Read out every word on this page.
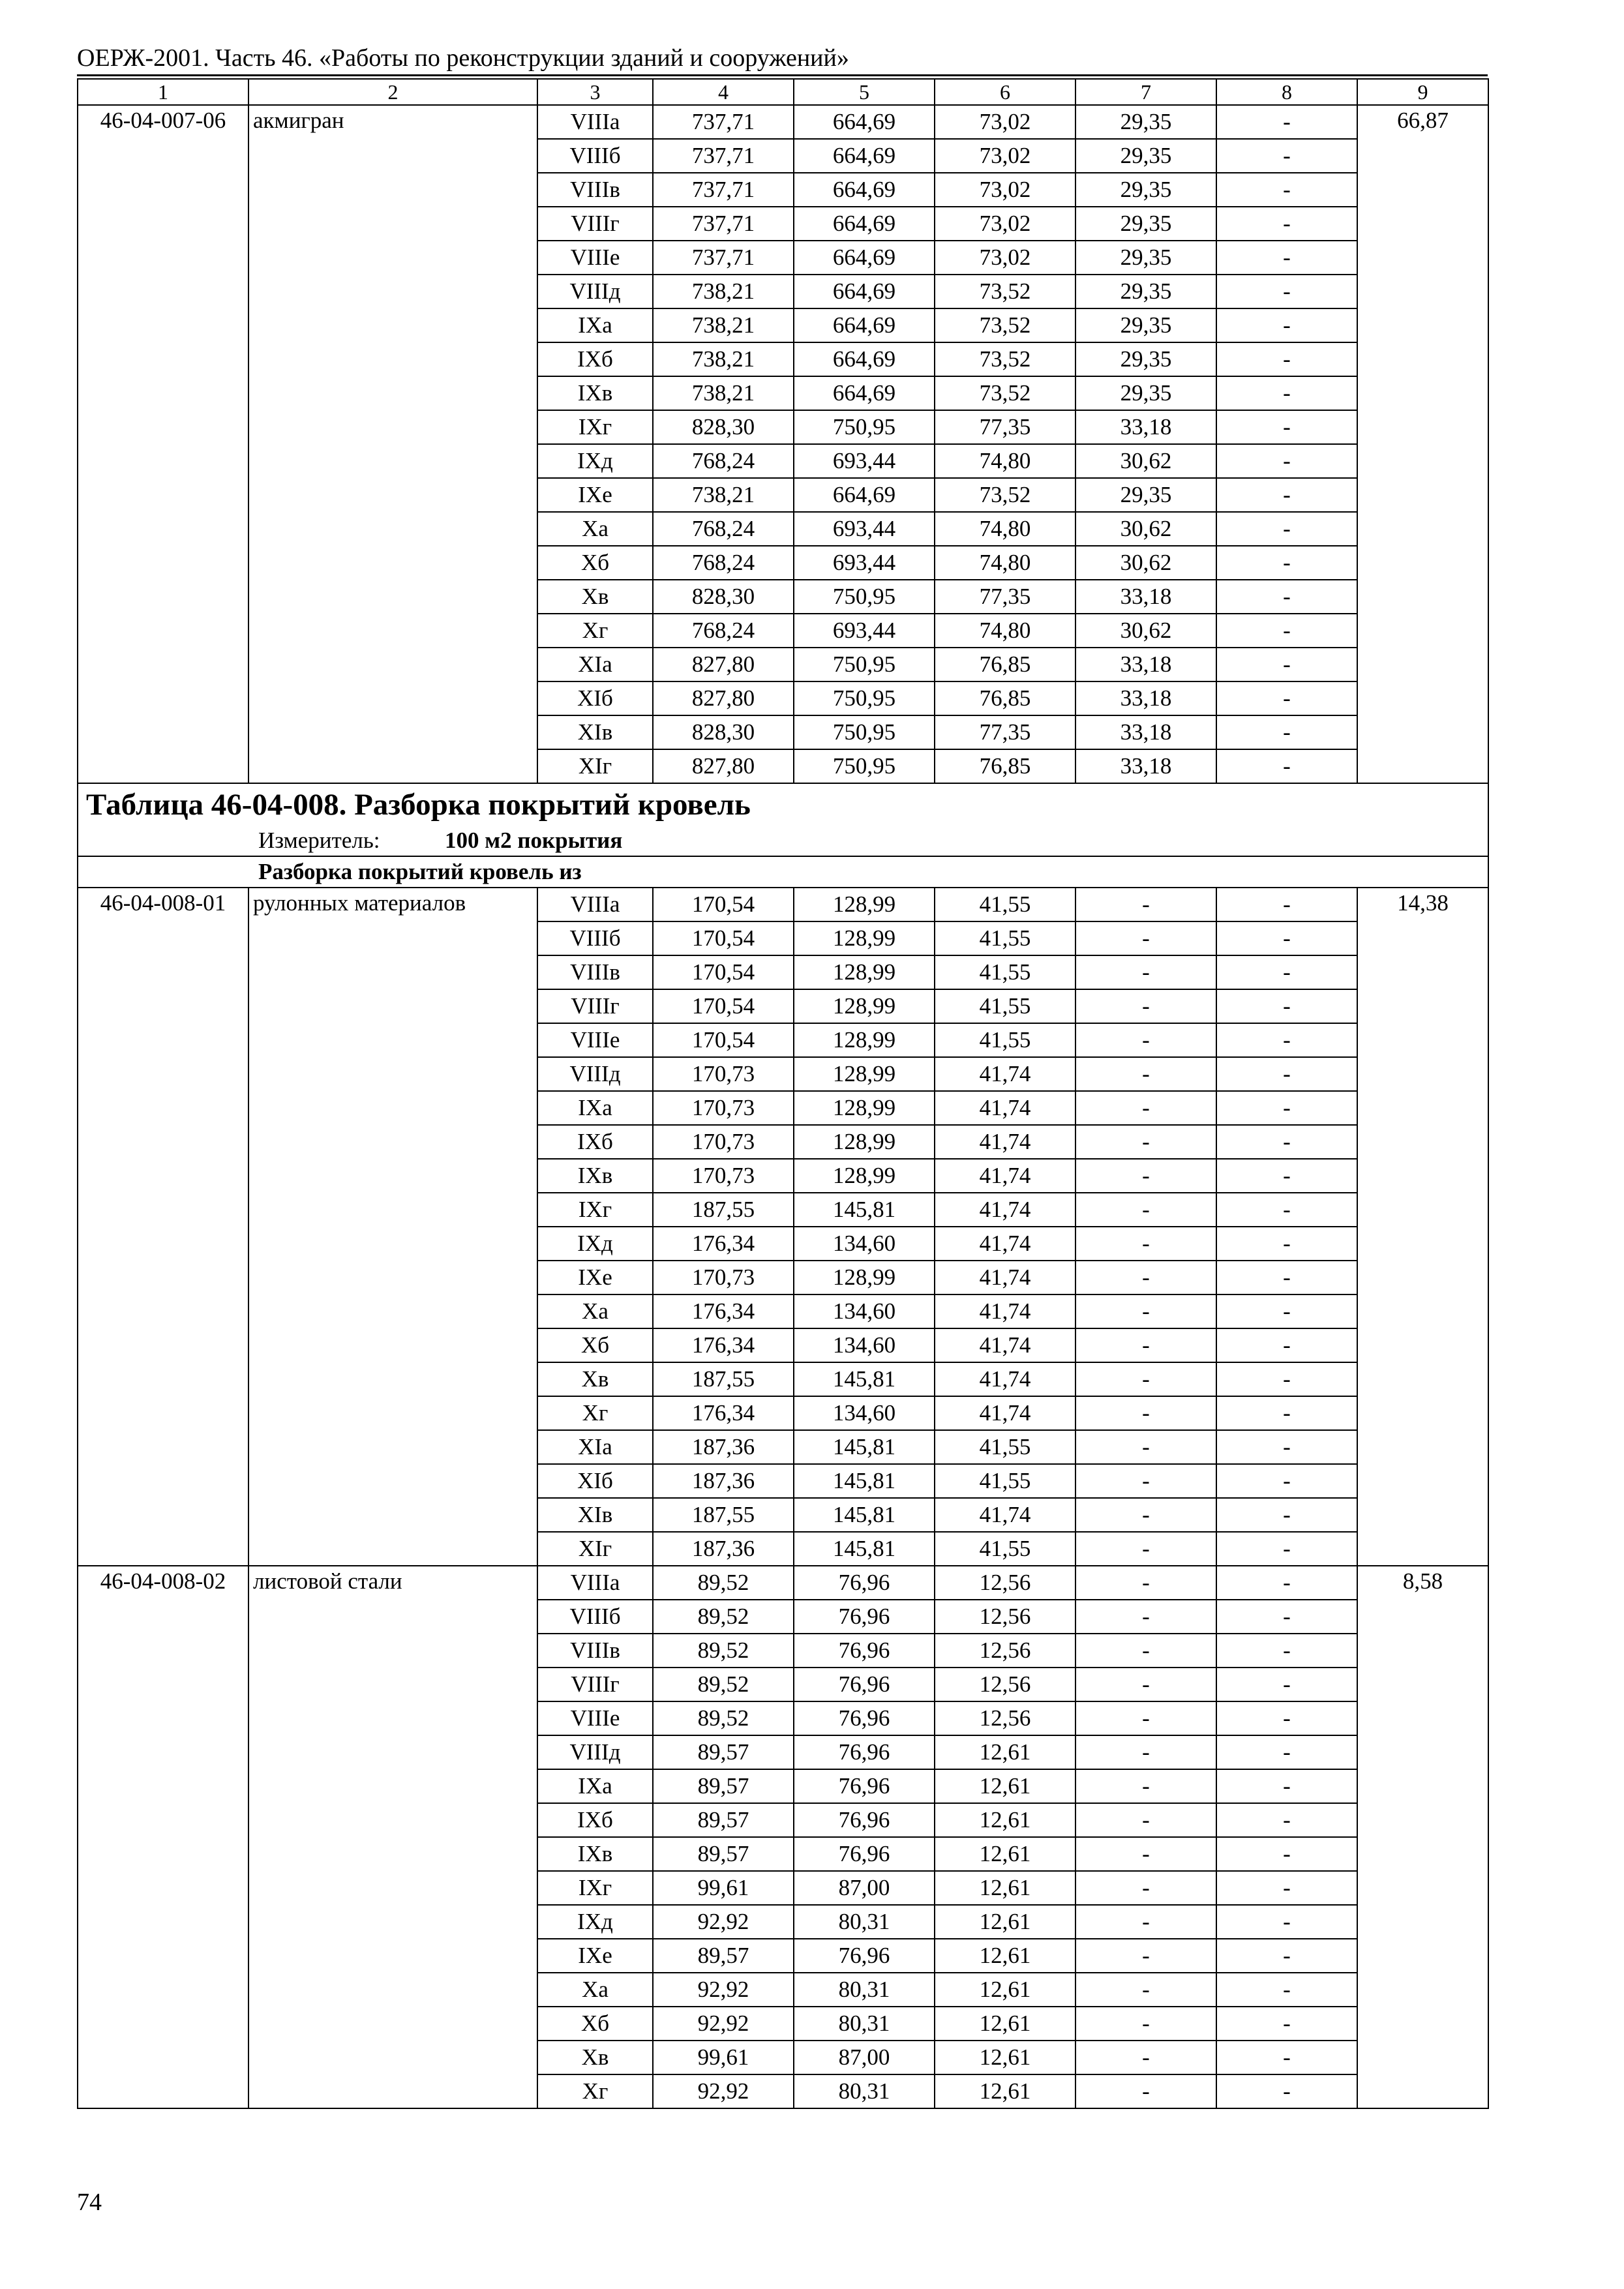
ОЕРЖ-2001. Часть 46. «Работы по реконструкции зданий и сооружений»
1	2	3	4	5	6	7	8	9
46-04-007-06	акмигран	VIIIа	737,71	664,69	73,02	29,35	-	66,87
		VIIIб	737,71	664,69	73,02	29,35	-	
		VIIIв	737,71	664,69	73,02	29,35	-	
		VIIIг	737,71	664,69	73,02	29,35	-	
		VIIIе	737,71	664,69	73,02	29,35	-	
		VIIIд	738,21	664,69	73,52	29,35	-	
		IXа	738,21	664,69	73,52	29,35	-	
		IXб	738,21	664,69	73,52	29,35	-	
		IXв	738,21	664,69	73,52	29,35	-	
		IXг	828,30	750,95	77,35	33,18	-	
		IXд	768,24	693,44	74,80	30,62	-	
		IXе	738,21	664,69	73,52	29,35	-	
		Xа	768,24	693,44	74,80	30,62	-	
		Xб	768,24	693,44	74,80	30,62	-	
		Xв	828,30	750,95	77,35	33,18	-	
		Xг	768,24	693,44	74,80	30,62	-	
		XIа	827,80	750,95	76,85	33,18	-	
		XIб	827,80	750,95	76,85	33,18	-	
		XIв	828,30	750,95	77,35	33,18	-	
		XIг	827,80	750,95	76,85	33,18	-	
Таблица 46-04-008. Разборка покрытий кровель								
Измеритель: 100 м2 покрытия								
Разборка покрытий кровель из								
46-04-008-01	рулонных материалов	VIIIа	170,54	128,99	41,55	-	-	14,38
		VIIIб	170,54	128,99	41,55	-	-	
		VIIIв	170,54	128,99	41,55	-	-	
		VIIIг	170,54	128,99	41,55	-	-	
		VIIIе	170,54	128,99	41,55	-	-	
		VIIIд	170,73	128,99	41,74	-	-	
		IXа	170,73	128,99	41,74	-	-	
		IXб	170,73	128,99	41,74	-	-	
		IXв	170,73	128,99	41,74	-	-	
		IXг	187,55	145,81	41,74	-	-	
		IXд	176,34	134,60	41,74	-	-	
		IXе	170,73	128,99	41,74	-	-	
		Xа	176,34	134,60	41,74	-	-	
		Xб	176,34	134,60	41,74	-	-	
		Xв	187,55	145,81	41,74	-	-	
		Xг	176,34	134,60	41,74	-	-	
		XIа	187,36	145,81	41,55	-	-	
		XIб	187,36	145,81	41,55	-	-	
		XIв	187,55	145,81	41,74	-	-	
		XIг	187,36	145,81	41,55	-	-	
46-04-008-02	листовой стали	VIIIа	89,52	76,96	12,56	-	-	8,58
		VIIIб	89,52	76,96	12,56	-	-	
		VIIIв	89,52	76,96	12,56	-	-	
		VIIIг	89,52	76,96	12,56	-	-	
		VIIIе	89,52	76,96	12,56	-	-	
		VIIIд	89,57	76,96	12,61	-	-	
		IXа	89,57	76,96	12,61	-	-	
		IXб	89,57	76,96	12,61	-	-	
		IXв	89,57	76,96	12,61	-	-	
		IXг	99,61	87,00	12,61	-	-	
		IXд	92,92	80,31	12,61	-	-	
		IXе	89,57	76,96	12,61	-	-	
		Xа	92,92	80,31	12,61	-	-	
		Xб	92,92	80,31	12,61	-	-	
		Xв	99,61	87,00	12,61	-	-	
		Xг	92,92	80,31	12,61	-	-	
74
